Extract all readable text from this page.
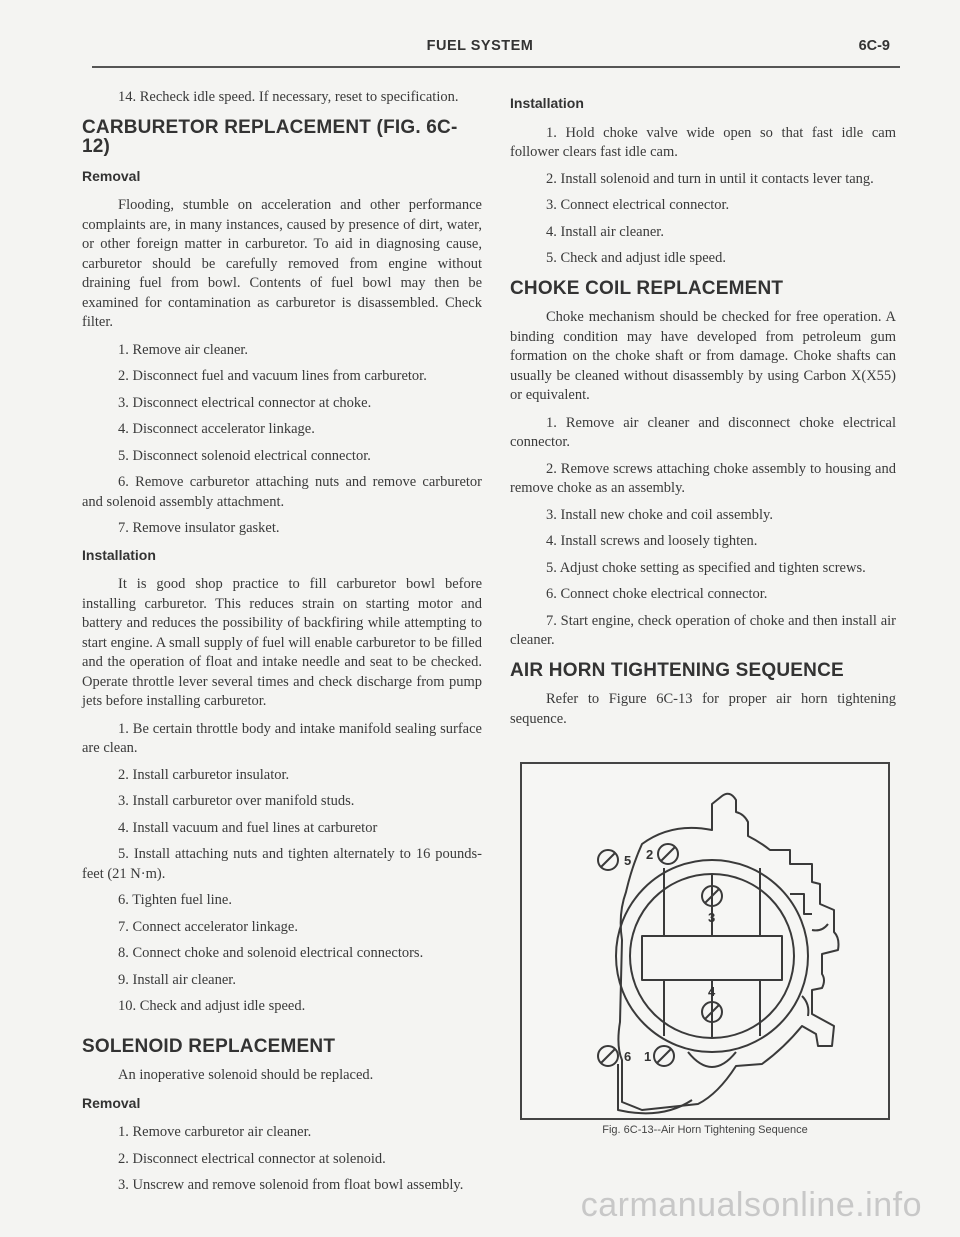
FUEL SYSTEM	6C-9

14. Recheck idle speed. If necessary, reset to specification.

CARBURETOR REPLACEMENT (FIG. 6C-12)
Removal

Flooding, stumble on acceleration and other performance complaints are, in many instances, caused by presence of dirt, water, or other foreign matter in carburetor. To aid in diagnosing cause, carburetor should be carefully removed from engine without draining fuel from bowl. Contents of fuel bowl may then be examined for contamination as carburetor is disassembled. Check filter.

1. Remove air cleaner.

2. Disconnect fuel and vacuum lines from carburetor.

3. Disconnect electrical connector at choke.

4. Disconnect accelerator linkage.

5. Disconnect solenoid electrical connector.

6. Remove carburetor attaching nuts and remove carburetor and solenoid assembly attachment.

7. Remove insulator gasket.

Installation

It is good shop practice to fill carburetor bowl before installing carburetor. This reduces strain on starting motor and battery and reduces the possibility of backfiring while attempting to start engine. A small supply of fuel will enable carburetor to be filled and the operation of float and intake needle and seat to be checked. Operate throttle lever several times and check discharge from pump jets before installing carburetor.

1. Be certain throttle body and intake manifold sealing surface are clean.

2. Install carburetor insulator.

3. Install carburetor over manifold studs.

4. Install vacuum and fuel lines at carburetor

5. Install attaching nuts and tighten alternately to 16 pounds-feet (21 N·m).

6. Tighten fuel line.

7. Connect accelerator linkage.

8. Connect choke and solenoid electrical connectors.

9. Install air cleaner.

10. Check and adjust idle speed.

SOLENOID REPLACEMENT

An inoperative solenoid should be replaced.

Removal

1. Remove carburetor air cleaner.

2. Disconnect electrical connector at solenoid.

3. Unscrew and remove solenoid from float bowl assembly.

Installation

1. Hold choke valve wide open so that fast idle cam follower clears fast idle cam.

2. Install solenoid and turn in until it contacts lever tang.

3. Connect electrical connector.

4. Install air cleaner.

5. Check and adjust idle speed.

CHOKE COIL REPLACEMENT

Choke mechanism should be checked for free operation. A binding condition may have developed from petroleum gum formation on the choke shaft or from damage. Choke shafts can usually be cleaned without disassembly by using Carbon X(X55) or equivalent.

1. Remove air cleaner and disconnect choke electrical connector.

2. Remove screws attaching choke assembly to housing and remove choke as an assembly.

3. Install new choke and coil assembly.

4. Install screws and loosely tighten.

5. Adjust choke setting as specified and tighten screws.

6. Connect choke electrical connector.

7. Start engine, check operation of choke and then install air cleaner.

AIR HORN TIGHTENING SEQUENCE

Refer to Figure 6C-13 for proper air horn tightening sequence.

5 2
3
4
6 1
Fig. 6C-13--Air Horn Tightening Sequence
carmanualsonline.info
